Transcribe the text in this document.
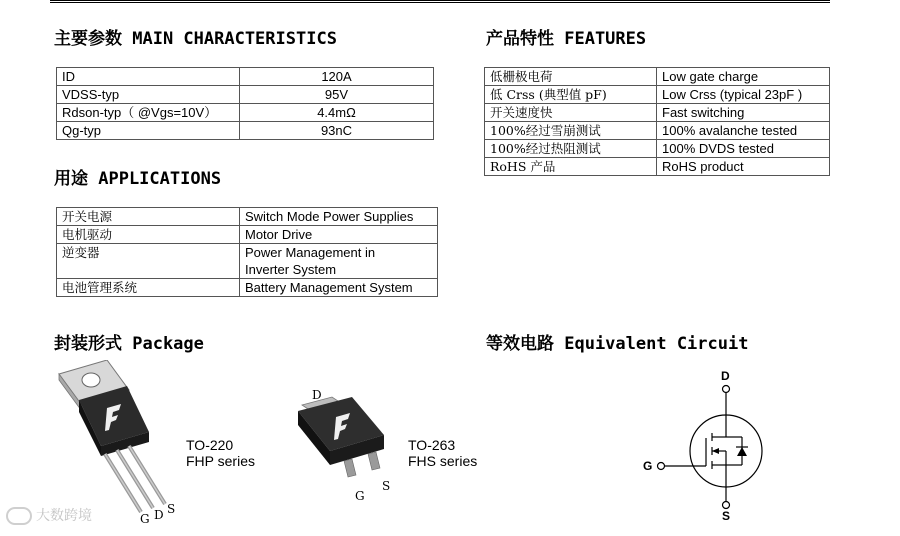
主要参数 MAIN CHARACTERISTICS	产品特性 FEATURES
用途 APPLICATIONS
封装形式 Package	等效电路 Equivalent Circuit
ID	120A
VDSS-typ	95V
Rdson-typ（ @Vgs=10V）	4.4mΩ
Qg-typ	93nC
低栅极电荷	Low gate charge
低 Crss (典型值 pF)	Low Crss (typical 23pF )
开关速度快	Fast switching
100%经过雪崩测试	100% avalanche tested
100%经过热阻测试	100% DVDS tested
RoHS 产品	RoHS product
开关电源	Switch Mode Power Supplies
电机驱动	Motor Drive
逆变器	Power Management in
Inverter System
电池管理系统	Battery Management System
G D S
TO-220
FHP series
D
G
S
TO-263
FHS series
D
G
S
大数跨境
